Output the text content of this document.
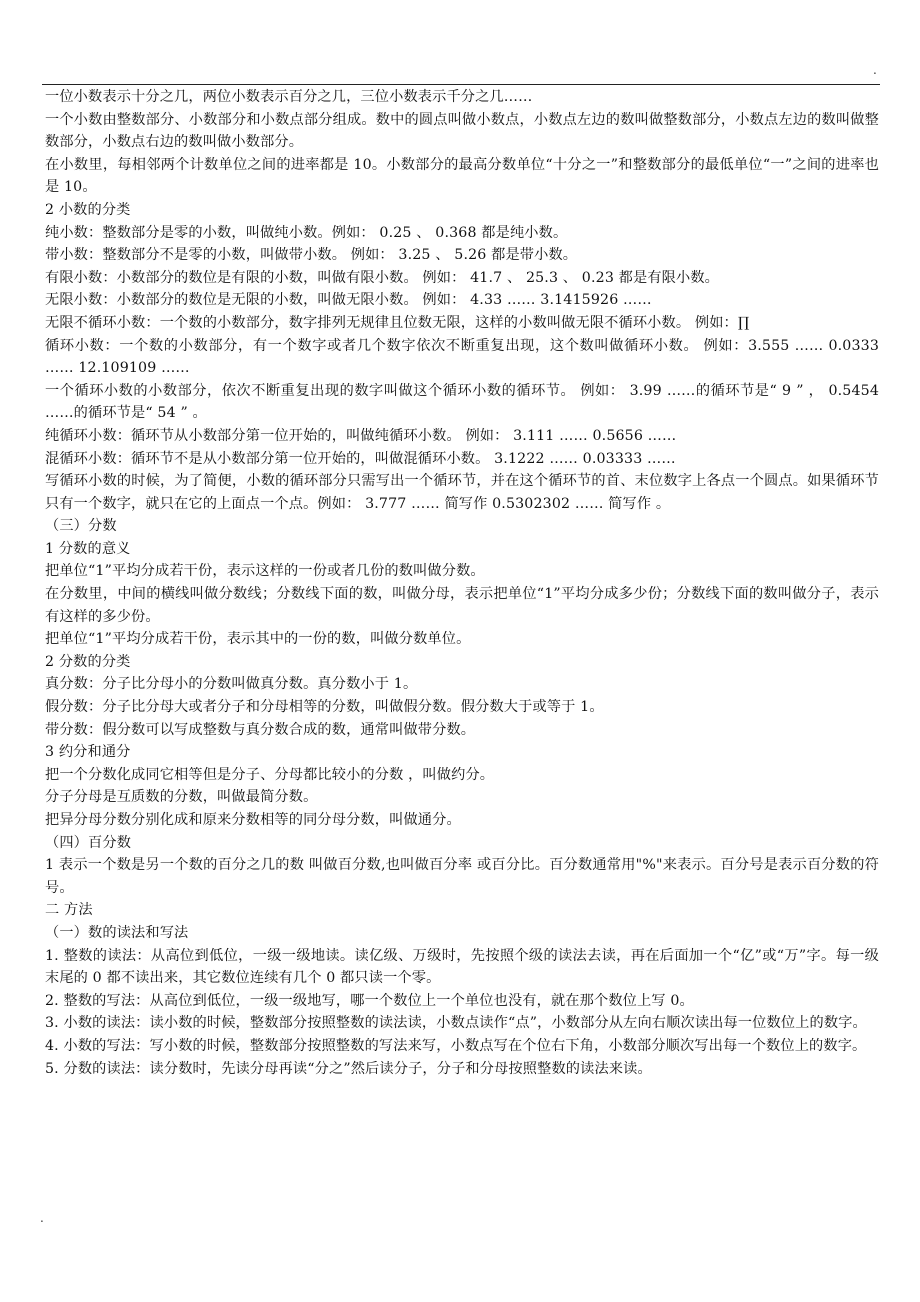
.

一位小数表示十分之几，两位小数表示百分之几，三位小数表示千分之几……

一个小数由整数部分、小数部分和小数点部分组成。数中的圆点叫做小数点，小数点左边的数叫做整数部分，小数点左边的数叫做整数部分，小数点右边的数叫做小数部分。

在小数里，每相邻两个计数单位之间的进率都是 10。小数部分的最高分数单位“十分之一”和整数部分的最低单位“一”之间的进率也是 10。

2 小数的分类

纯小数：整数部分是零的小数，叫做纯小数。例如： 0.25 、 0.368 都是纯小数。

带小数：整数部分不是零的小数，叫做带小数。 例如： 3.25 、 5.26 都是带小数。

有限小数：小数部分的数位是有限的小数，叫做有限小数。 例如： 41.7 、 25.3 、 0.23 都是有限小数。

无限小数：小数部分的数位是无限的小数，叫做无限小数。 例如： 4.33 …… 3.1415926 ……

无限不循环小数：一个数的小数部分，数字排列无规律且位数无限，这样的小数叫做无限不循环小数。 例如：∏

循环小数：一个数的小数部分，有一个数字或者几个数字依次不断重复出现，这个数叫做循环小数。 例如：3.555 …… 0.0333 …… 12.109109 ……

一个循环小数的小数部分，依次不断重复出现的数字叫做这个循环小数的循环节。 例如： 3.99 ……的循环节是“ 9 ” ， 0.5454 ……的循环节是“ 54 ” 。

纯循环小数：循环节从小数部分第一位开始的，叫做纯循环小数。 例如： 3.111 …… 0.5656 ……

混循环小数：循环节不是从小数部分第一位开始的，叫做混循环小数。 3.1222 …… 0.03333 ……

写循环小数的时候，为了简便，小数的循环部分只需写出一个循环节，并在这个循环节的首、末位数字上各点一个圆点。如果循环节只有一个数字，就只在它的上面点一个点。例如： 3.777 …… 简写作 0.5302302 …… 简写作 。

（三）分数

1 分数的意义

把单位“1”平均分成若干份，表示这样的一份或者几份的数叫做分数。

在分数里，中间的横线叫做分数线；分数线下面的数，叫做分母，表示把单位“1”平均分成多少份；分数线下面的数叫做分子，表示有这样的多少份。

把单位“1”平均分成若干份，表示其中的一份的数，叫做分数单位。

2 分数的分类

真分数：分子比分母小的分数叫做真分数。真分数小于 1。

假分数：分子比分母大或者分子和分母相等的分数，叫做假分数。假分数大于或等于 1。

带分数：假分数可以写成整数与真分数合成的数，通常叫做带分数。

3 约分和通分

把一个分数化成同它相等但是分子、分母都比较小的分数 ，叫做约分。

分子分母是互质数的分数，叫做最简分数。

把异分母分数分别化成和原来分数相等的同分母分数，叫做通分。

（四）百分数

1 表示一个数是另一个数的百分之几的数 叫做百分数,也叫做百分率 或百分比。百分数通常用"%"来表示。百分号是表示百分数的符号。

二 方法

（一）数的读法和写法

1. 整数的读法：从高位到低位，一级一级地读。读亿级、万级时，先按照个级的读法去读，再在后面加一个“亿”或“万”字。每一级末尾的 0 都不读出来，其它数位连续有几个 0 都只读一个零。

2. 整数的写法：从高位到低位，一级一级地写，哪一个数位上一个单位也没有，就在那个数位上写 0。

3. 小数的读法：读小数的时候，整数部分按照整数的读法读，小数点读作“点”，小数部分从左向右顺次读出每一位数位上的数字。

4. 小数的写法：写小数的时候，整数部分按照整数的写法来写，小数点写在个位右下角，小数部分顺次写出每一个数位上的数字。

5. 分数的读法：读分数时，先读分母再读“分之”然后读分子，分子和分母按照整数的读法来读。

.
